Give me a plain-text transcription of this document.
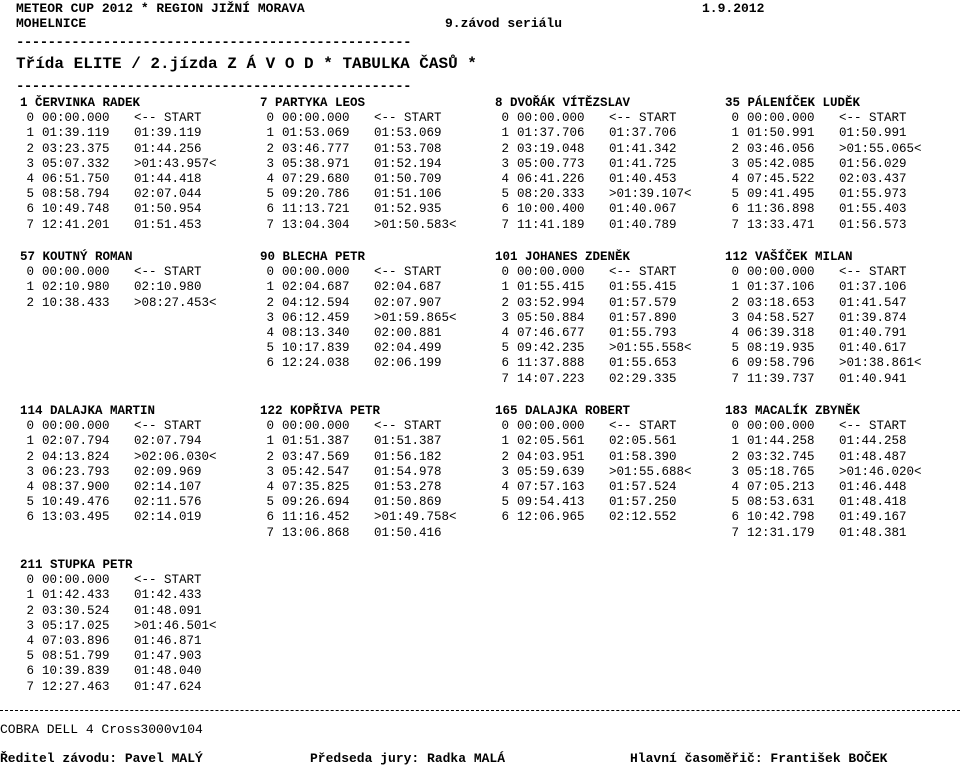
METEOR CUP 2012 * REGION JIŽNÍ MORAVA	1.9.2012
MOHELNICE	9.závod seriálu
--------------------------------------------------
Třída ELITE / 2.jízda Z Á V O D * TABULKA ČASŮ *
--------------------------------------------------
1 ČERVINKA RADEK
0 00:00.000 <-- START
1 01:39.119 01:39.119
2 03:23.375 01:44.256
3 05:07.332 >01:43.957<
4 06:51.750 01:44.418
5 08:58.794 02:07.044
6 10:49.748 01:50.954
7 12:41.201 01:51.453
7 PARTYKA LEOS
0 00:00.000 <-- START
1 01:53.069 01:53.069
2 03:46.777 01:53.708
3 05:38.971 01:52.194
4 07:29.680 01:50.709
5 09:20.786 01:51.106
6 11:13.721 01:52.935
7 13:04.304 >01:50.583<
8 DVOŘÁK VÍTĚZSLAV
0 00:00.000 <-- START
1 01:37.706 01:37.706
2 03:19.048 01:41.342
3 05:00.773 01:41.725
4 06:41.226 01:40.453
5 08:20.333 >01:39.107<
6 10:00.400 01:40.067
7 11:41.189 01:40.789
35 PÁLENÍČEK LUDĚK
0 00:00.000 <-- START
1 01:50.991 01:50.991
2 03:46.056 >01:55.065<
3 05:42.085 01:56.029
4 07:45.522 02:03.437
5 09:41.495 01:55.973
6 11:36.898 01:55.403
7 13:33.471 01:56.573
57 KOUTNÝ ROMAN
0 00:00.000 <-- START
1 02:10.980 02:10.980
2 10:38.433 >08:27.453<
90 BLECHA PETR
0 00:00.000 <-- START
1 02:04.687 02:04.687
2 04:12.594 02:07.907
3 06:12.459 >01:59.865<
4 08:13.340 02:00.881
5 10:17.839 02:04.499
6 12:24.038 02:06.199
101 JOHANES ZDENĚK
0 00:00.000 <-- START
1 01:55.415 01:55.415
2 03:52.994 01:57.579
3 05:50.884 01:57.890
4 07:46.677 01:55.793
5 09:42.235 >01:55.558<
6 11:37.888 01:55.653
7 14:07.223 02:29.335
112 VAŠÍČEK MILAN
0 00:00.000 <-- START
1 01:37.106 01:37.106
2 03:18.653 01:41.547
3 04:58.527 01:39.874
4 06:39.318 01:40.791
5 08:19.935 01:40.617
6 09:58.796 >01:38.861<
7 11:39.737 01:40.941
114 DALAJKA MARTIN
0 00:00.000 <-- START
1 02:07.794 02:07.794
2 04:13.824 >02:06.030<
3 06:23.793 02:09.969
4 08:37.900 02:14.107
5 10:49.476 02:11.576
6 13:03.495 02:14.019
122 KOPŘIVA PETR
0 00:00.000 <-- START
1 01:51.387 01:51.387
2 03:47.569 01:56.182
3 05:42.547 01:54.978
4 07:35.825 01:53.278
5 09:26.694 01:50.869
6 11:16.452 >01:49.758<
7 13:06.868 01:50.416
165 DALAJKA ROBERT
0 00:00.000 <-- START
1 02:05.561 02:05.561
2 04:03.951 01:58.390
3 05:59.639 >01:55.688<
4 07:57.163 01:57.524
5 09:54.413 01:57.250
6 12:06.965 02:12.552
183 MACALÍK ZBYNĚK
0 00:00.000 <-- START
1 01:44.258 01:44.258
2 03:32.745 01:48.487
3 05:18.765 >01:46.020<
4 07:05.213 01:46.448
5 08:53.631 01:48.418
6 10:42.798 01:49.167
7 12:31.179 01:48.381
211 STUPKA PETR
0 00:00.000 <-- START
1 01:42.433 01:42.433
2 03:30.524 01:48.091
3 05:17.025 >01:46.501<
4 07:03.896 01:46.871
5 08:51.799 01:47.903
6 10:39.839 01:48.040
7 12:27.463 01:47.624
COBRA DELL 4 Cross3000v104
Ředitel závodu: Pavel MALÝ	Předseda jury: Radka MALÁ	Hlavní časoměřič: František BOČEK
